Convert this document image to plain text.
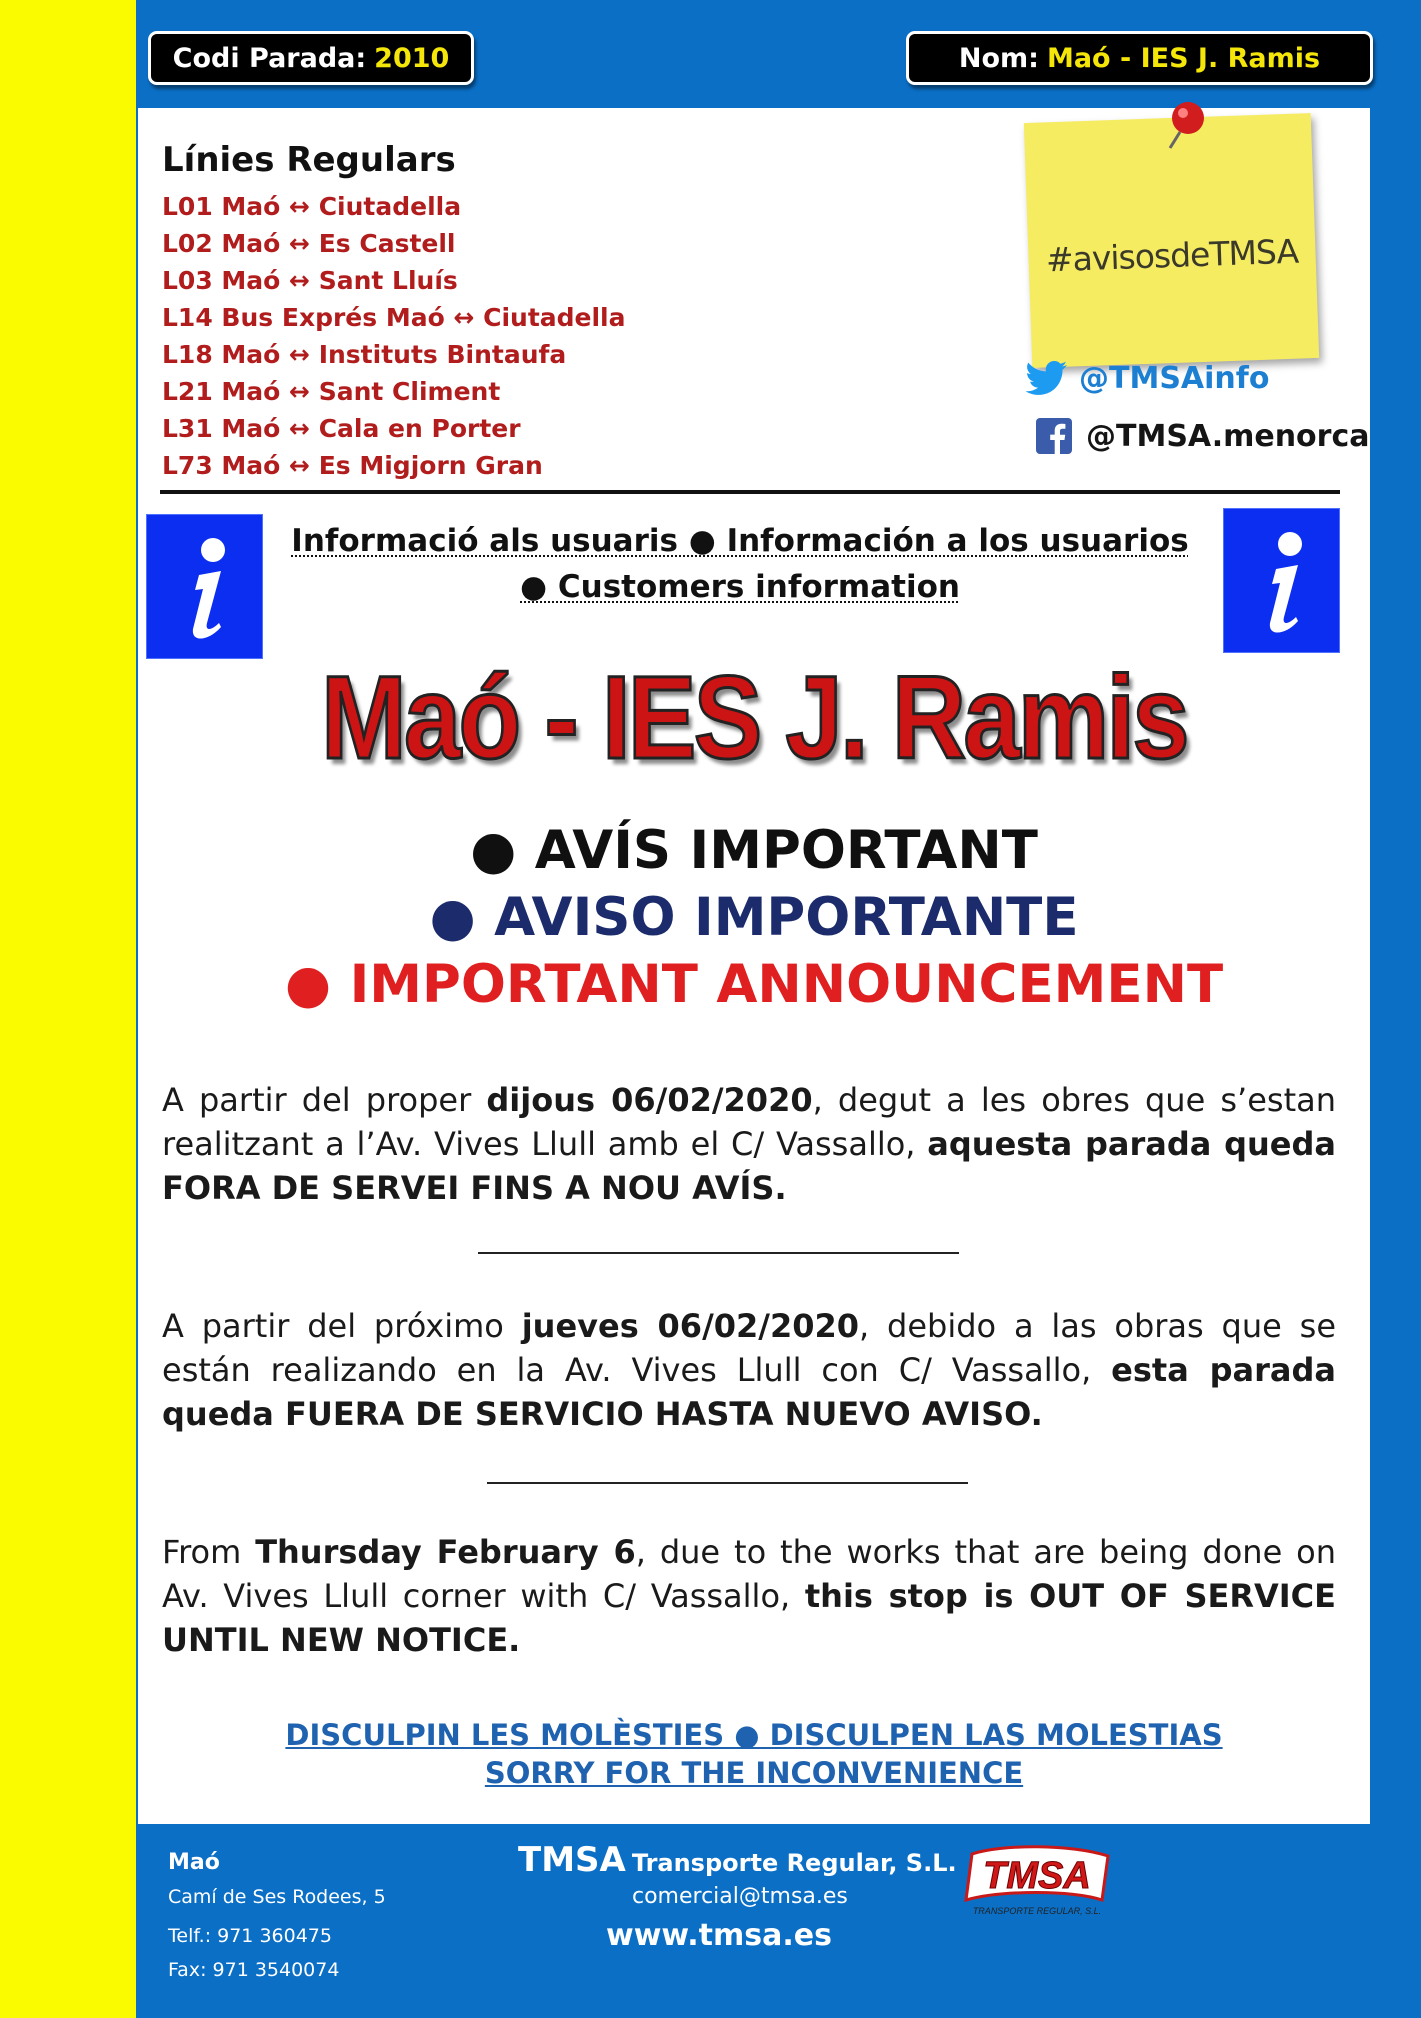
Codi Parada: 2010	Nom: Maó - IES J. Ramis
Línies Regulars
L01 Maó ↔ Ciutadella
L02 Maó ↔ Es Castell
L03 Maó ↔ Sant Lluís
L14 Bus Exprés Maó ↔ Ciutadella
L18 Maó ↔ Instituts Bintaufa
L21 Maó ↔ Sant Climent
L31 Maó ↔ Cala en Porter
L73 Maó ↔ Es Migjorn Gran
#avisosdeTMSA
@TMSAinfo
@TMSA.menorca
Informació als usuaris ● Información a los usuarios
● Customers information
Maó - IES J. Ramis
● AVÍS IMPORTANT
● AVISO IMPORTANTE
● IMPORTANT ANNOUNCEMENT
A partir del proper dijous 06/02/2020, degut a les obres que s’estan realitzant a l’Av. Vives Llull amb el C/ Vassallo, aquesta parada queda FORA DE SERVEI FINS A NOU AVÍS.
A partir del próximo jueves 06/02/2020, debido a las obras que se están realizando en la Av. Vives Llull con C/ Vassallo, esta parada queda FUERA DE SERVICIO HASTA NUEVO AVISO.
From Thursday February 6, due to the works that are being done on Av. Vives Llull corner with C/ Vassallo, this stop is OUT OF SERVICE UNTIL NEW NOTICE.
DISCULPIN LES MOLÈSTIES ● DISCULPEN LAS MOLESTIAS
SORRY FOR THE INCONVENIENCE
Maó
Camí de Ses Rodees, 5
Telf.: 971 360475
Fax: 971 3540074
TMSA Transporte Regular, S.L.
comercial@tmsa.es
www.tmsa.es
TMSA
TRANSPORTE REGULAR, S.L.
